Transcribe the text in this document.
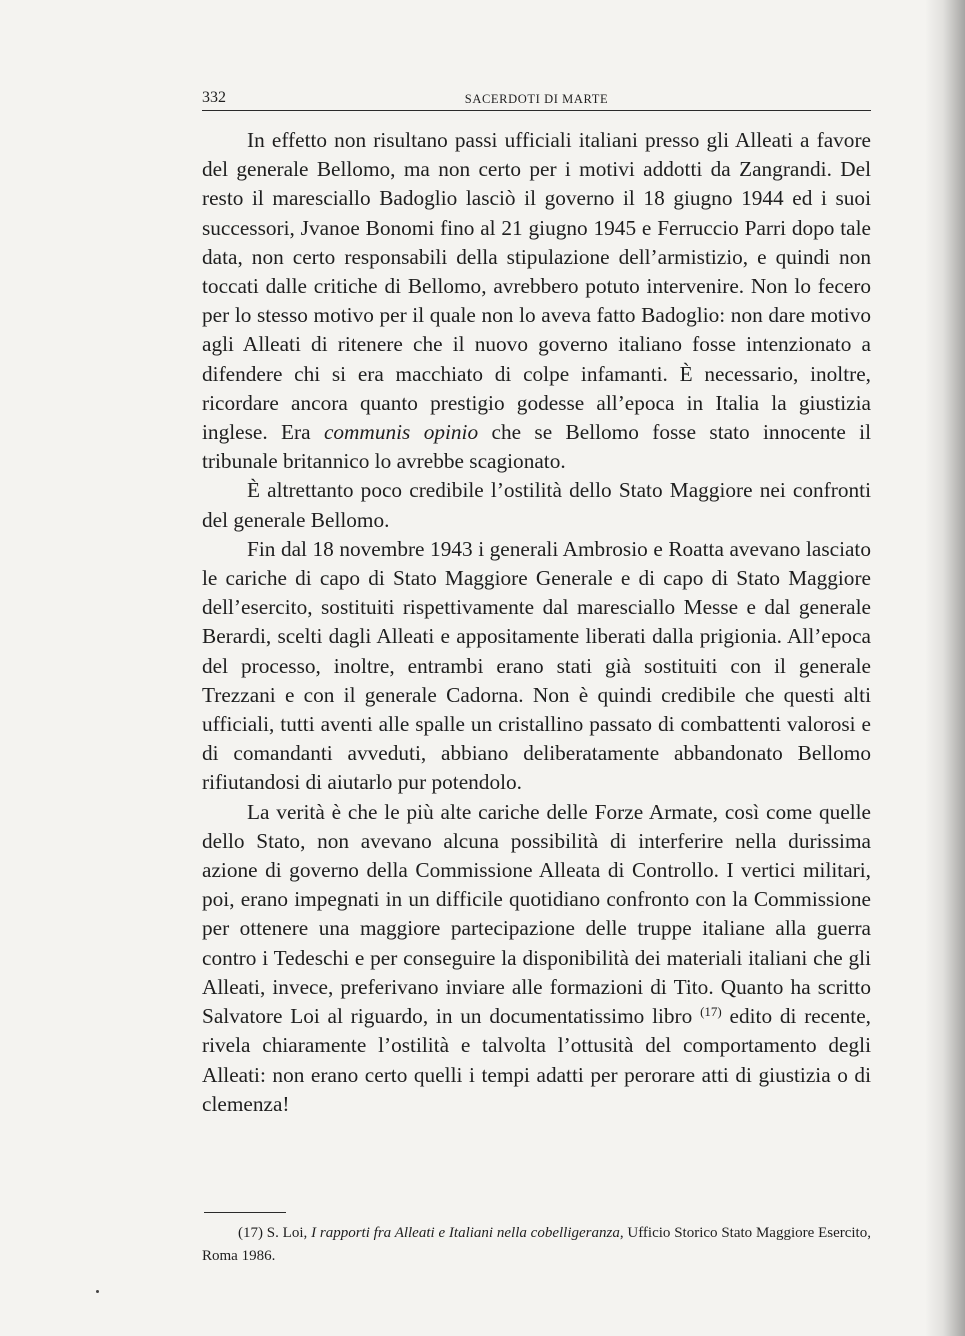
332	SACERDOTI DI MARTE

In effetto non risultano passi ufficiali italiani presso gli Alleati a favore del generale Bellomo, ma non certo per i motivi addotti da Zangrandi. Del resto il maresciallo Badoglio lasciò il governo il 18 giugno 1944 ed i suoi successori, Jvanoe Bonomi fino al 21 giugno 1945 e Ferruccio Parri dopo tale data, non certo responsabili della stipulazione dell’armistizio, e quindi non toccati dalle critiche di Bellomo, avrebbero potuto intervenire. Non lo fecero per lo stesso motivo per il quale non lo aveva fatto Badoglio: non dare motivo agli Alleati di ritenere che il nuovo governo italiano fosse intenzionato a difendere chi si era macchiato di colpe infamanti. È necessario, inoltre, ricordare ancora quanto prestigio godesse all’epoca in Italia la giustizia inglese. Era communis opinio che se Bellomo fosse stato innocente il tribunale britannico lo avrebbe scagionato.

È altrettanto poco credibile l’ostilità dello Stato Maggiore nei confronti del generale Bellomo.

Fin dal 18 novembre 1943 i generali Ambrosio e Roatta avevano lasciato le cariche di capo di Stato Maggiore Generale e di capo di Stato Maggiore dell’esercito, sostituiti rispettivamente dal maresciallo Messe e dal generale Berardi, scelti dagli Alleati e appositamente liberati dalla prigionia. All’epoca del processo, inoltre, entrambi erano stati già sostituiti con il generale Trezzani e con il generale Cadorna. Non è quindi credibile che questi alti ufficiali, tutti aventi alle spalle un cristallino passato di combattenti valorosi e di comandanti avveduti, abbiano deliberatamente abbandonato Bellomo rifiutandosi di aiutarlo pur potendolo.

La verità è che le più alte cariche delle Forze Armate, così come quelle dello Stato, non avevano alcuna possibilità di interferire nella durissima azione di governo della Commissione Alleata di Controllo. I vertici militari, poi, erano impegnati in un difficile quotidiano confronto con la Commissione per ottenere una maggiore partecipazione delle truppe italiane alla guerra contro i Tedeschi e per conseguire la disponibilità dei materiali italiani che gli Alleati, invece, preferivano inviare alle formazioni di Tito. Quanto ha scritto Salvatore Loi al riguardo, in un documentatissimo libro $^{(17)}$ edito di recente, rivela chiaramente l’ostilità e talvolta l’ottusità del comportamento degli Alleati: non erano certo quelli i tempi adatti per perorare atti di giustizia o di clemenza!

(17) S. Loi, I rapporti fra Alleati e Italiani nella cobelligeranza, Ufficio Storico Stato Maggiore Esercito, Roma 1986.
